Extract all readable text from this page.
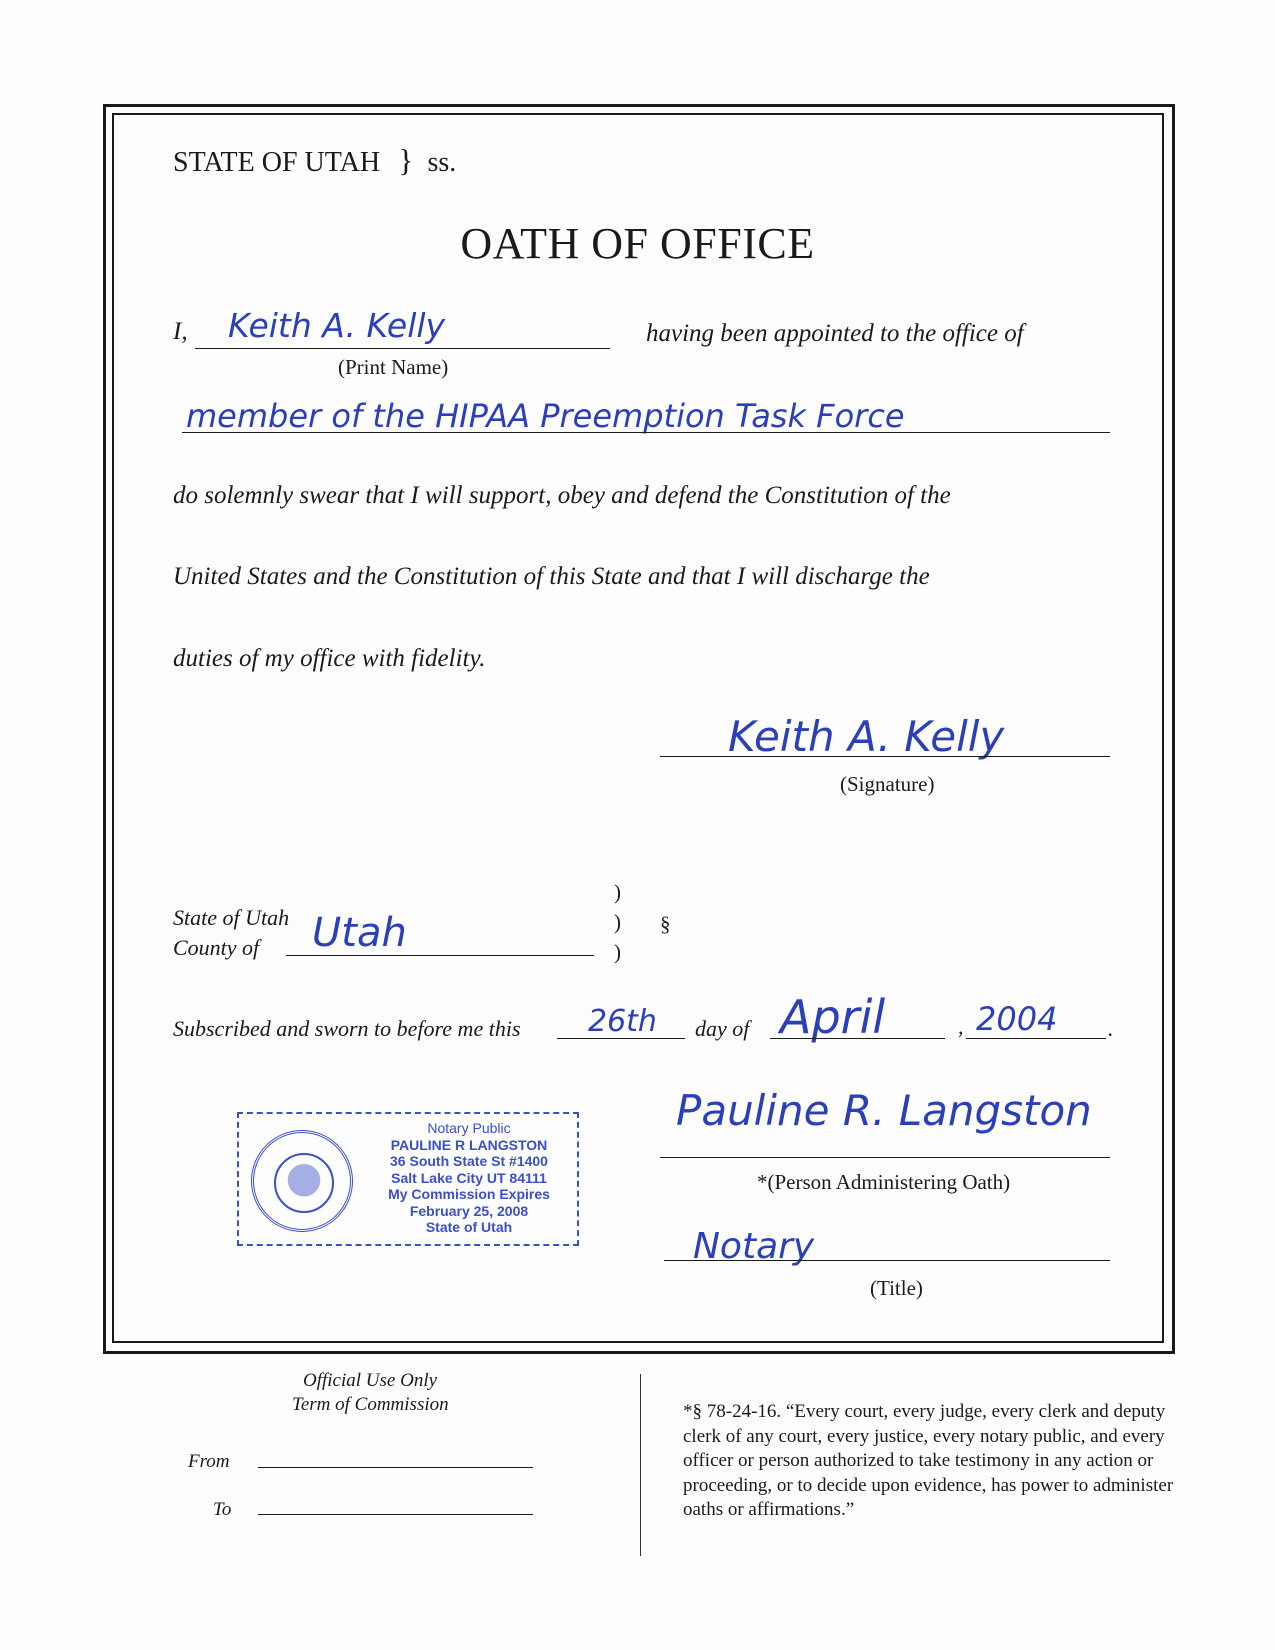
STATE OF UTAH } ss.
OATH OF OFFICE
I, Keith A. Kelly
(Print Name)
having been appointed to the office of
member of the HIPAA Preemption Task Force
do solemnly swear that I will support, obey and defend the Constitution of the
United States and the Constitution of this State and that I will discharge the
duties of my office with fidelity.
Keith A. Kelly
(Signature)
State of Utah
County of Utah
)
)
)
§
Subscribed and sworn to before me this 26th day of April	, 2004 .
Notary Public
PAULINE R LANGSTON
36 South State St #1400
Salt Lake City UT 84111
My Commission Expires
February 25, 2008
State of Utah
Pauline R. Langston
*(Person Administering Oath)
Notary
(Title)
Official Use Only
Term of Commission
From
To
*§ 78-24-16. “Every court, every judge, every clerk and deputy clerk of any court, every justice, every notary public, and every officer or person authorized to take testimony in any action or proceeding, or to decide upon evidence, has power to administer oaths or affirmations.”
